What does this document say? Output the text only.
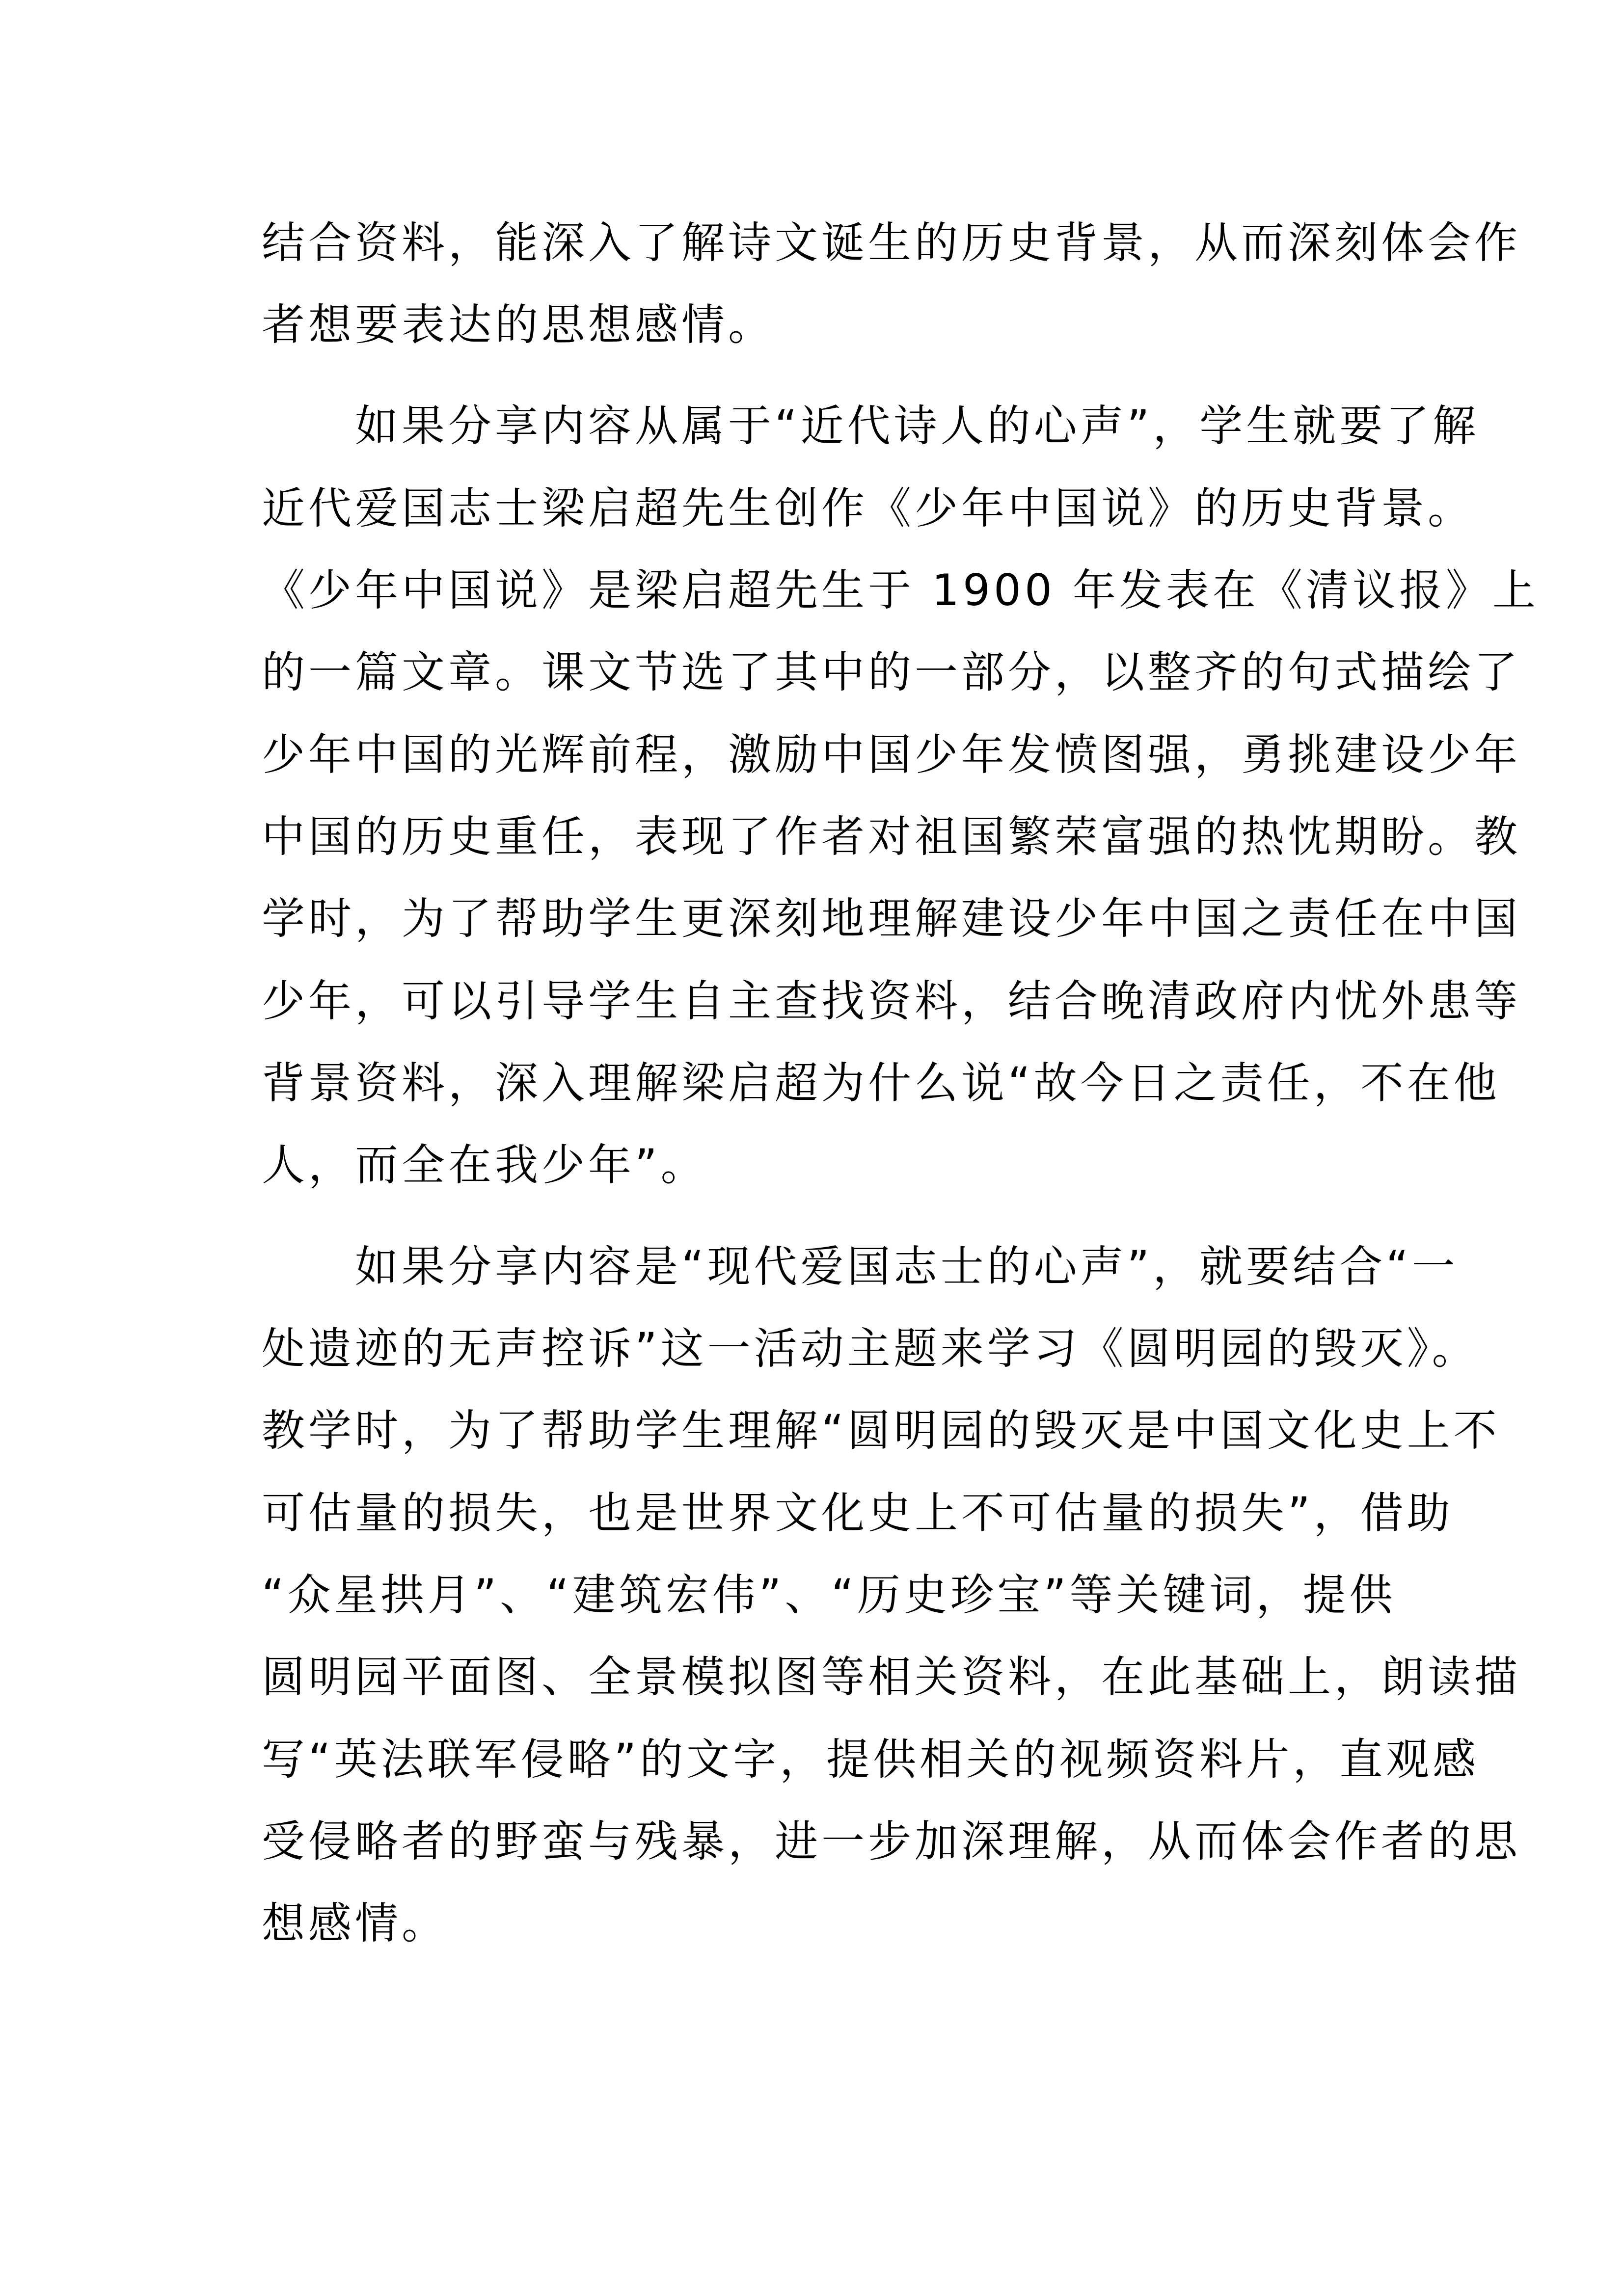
结合资料，能深入了解诗文诞生的历史背景，从而深刻体会作
者想要表达的思想感情。
　　如果分享内容从属于“近代诗人的心声”，学生就要了解
近代爱国志士梁启超先生创作《少年中国说》的历史背景。
《少年中国说》是梁启超先生于 1900 年发表在《清议报》上
的一篇文章。课文节选了其中的一部分，以整齐的句式描绘了
少年中国的光辉前程，激励中国少年发愤图强，勇挑建设少年
中国的历史重任，表现了作者对祖国繁荣富强的热忱期盼。教
学时，为了帮助学生更深刻地理解建设少年中国之责任在中国
少年，可以引导学生自主查找资料，结合晚清政府内忧外患等
背景资料，深入理解梁启超为什么说“故今日之责任，不在他
人，而全在我少年”。
　　如果分享内容是“现代爱国志士的心声”，就要结合“一
处遗迹的无声控诉”这一活动主题来学习《圆明园的毁灭》。
教学时，为了帮助学生理解“圆明园的毁灭是中国文化史上不
可估量的损失，也是世界文化史上不可估量的损失”，借助
“众星拱月”、“建筑宏伟”、“历史珍宝”等关键词，提供
圆明园平面图、全景模拟图等相关资料，在此基础上，朗读描
写“英法联军侵略”的文字，提供相关的视频资料片，直观感
受侵略者的野蛮与残暴，进一步加深理解，从而体会作者的思
想感情。
